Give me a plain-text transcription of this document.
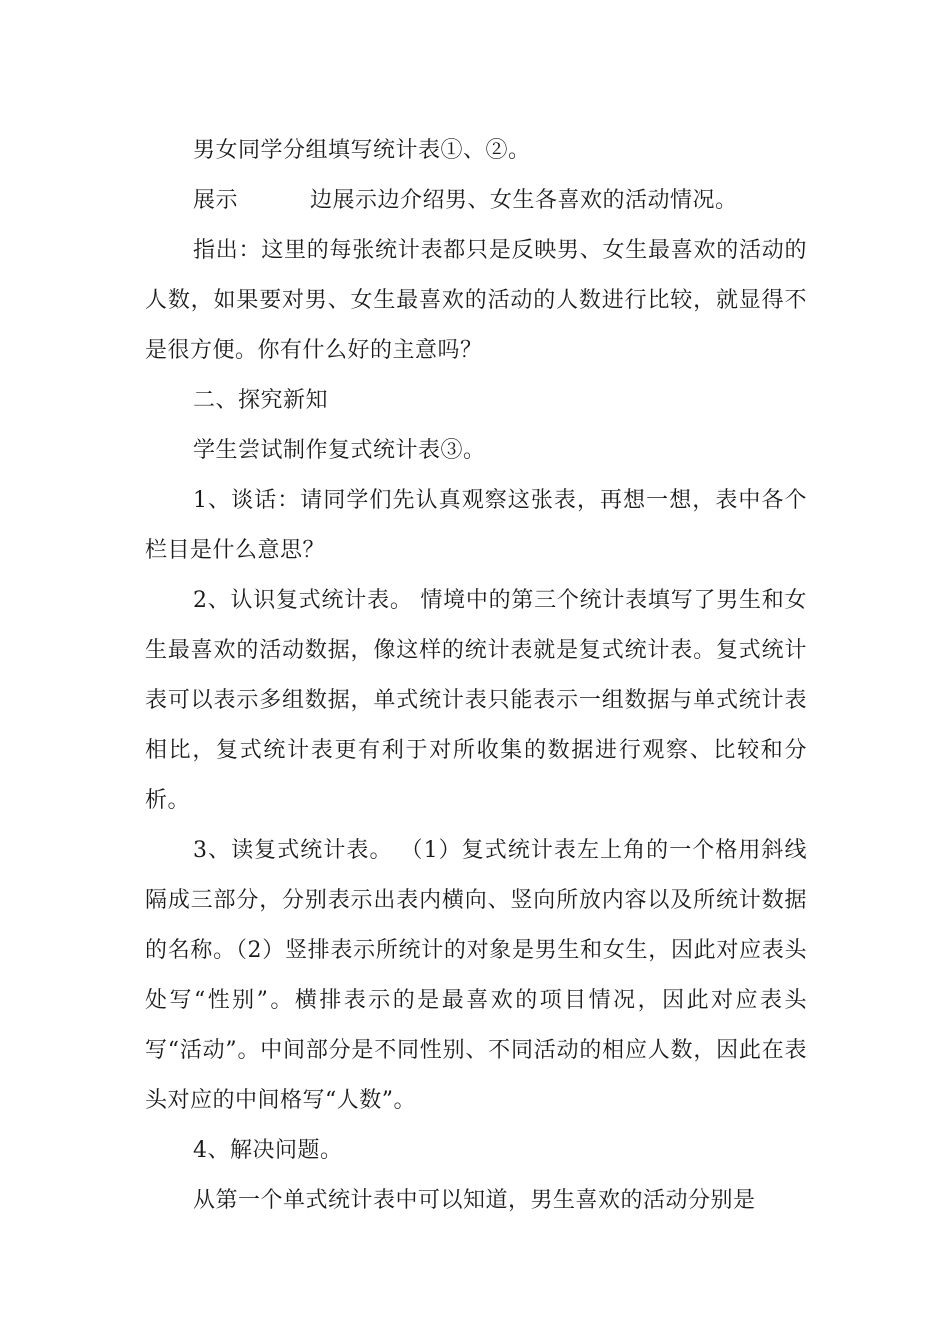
男女同学分组填写统计表①、②。

展示	边展示边介绍男、女生各喜欢的活动情况。

指出：这里的每张统计表都只是反映男、女生最喜欢的活动的人数，如果要对男、女生最喜欢的活动的人数进行比较，就显得不是很方便。你有什么好的主意吗？

二、探究新知

学生尝试制作复式统计表③。

1、谈话：请同学们先认真观察这张表，再想一想，表中各个栏目是什么意思？

2、认识复式统计表。 情境中的第三个统计表填写了男生和女生最喜欢的活动数据，像这样的统计表就是复式统计表。复式统计表可以表示多组数据，单式统计表只能表示一组数据与单式统计表相比，复式统计表更有利于对所收集的数据进行观察、比较和分析。

3、读复式统计表。 （1）复式统计表左上角的一个格用斜线隔成三部分，分别表示出表内横向、竖向所放内容以及所统计数据的名称。（2）竖排表示所统计的对象是男生和女生，因此对应表头处写“性别”。横排表示的是最喜欢的项目情况，因此对应表头写“活动”。中间部分是不同性别、不同活动的相应人数，因此在表头对应的中间格写“人数”。

4、解决问题。

从第一个单式统计表中可以知道，男生喜欢的活动分别是
